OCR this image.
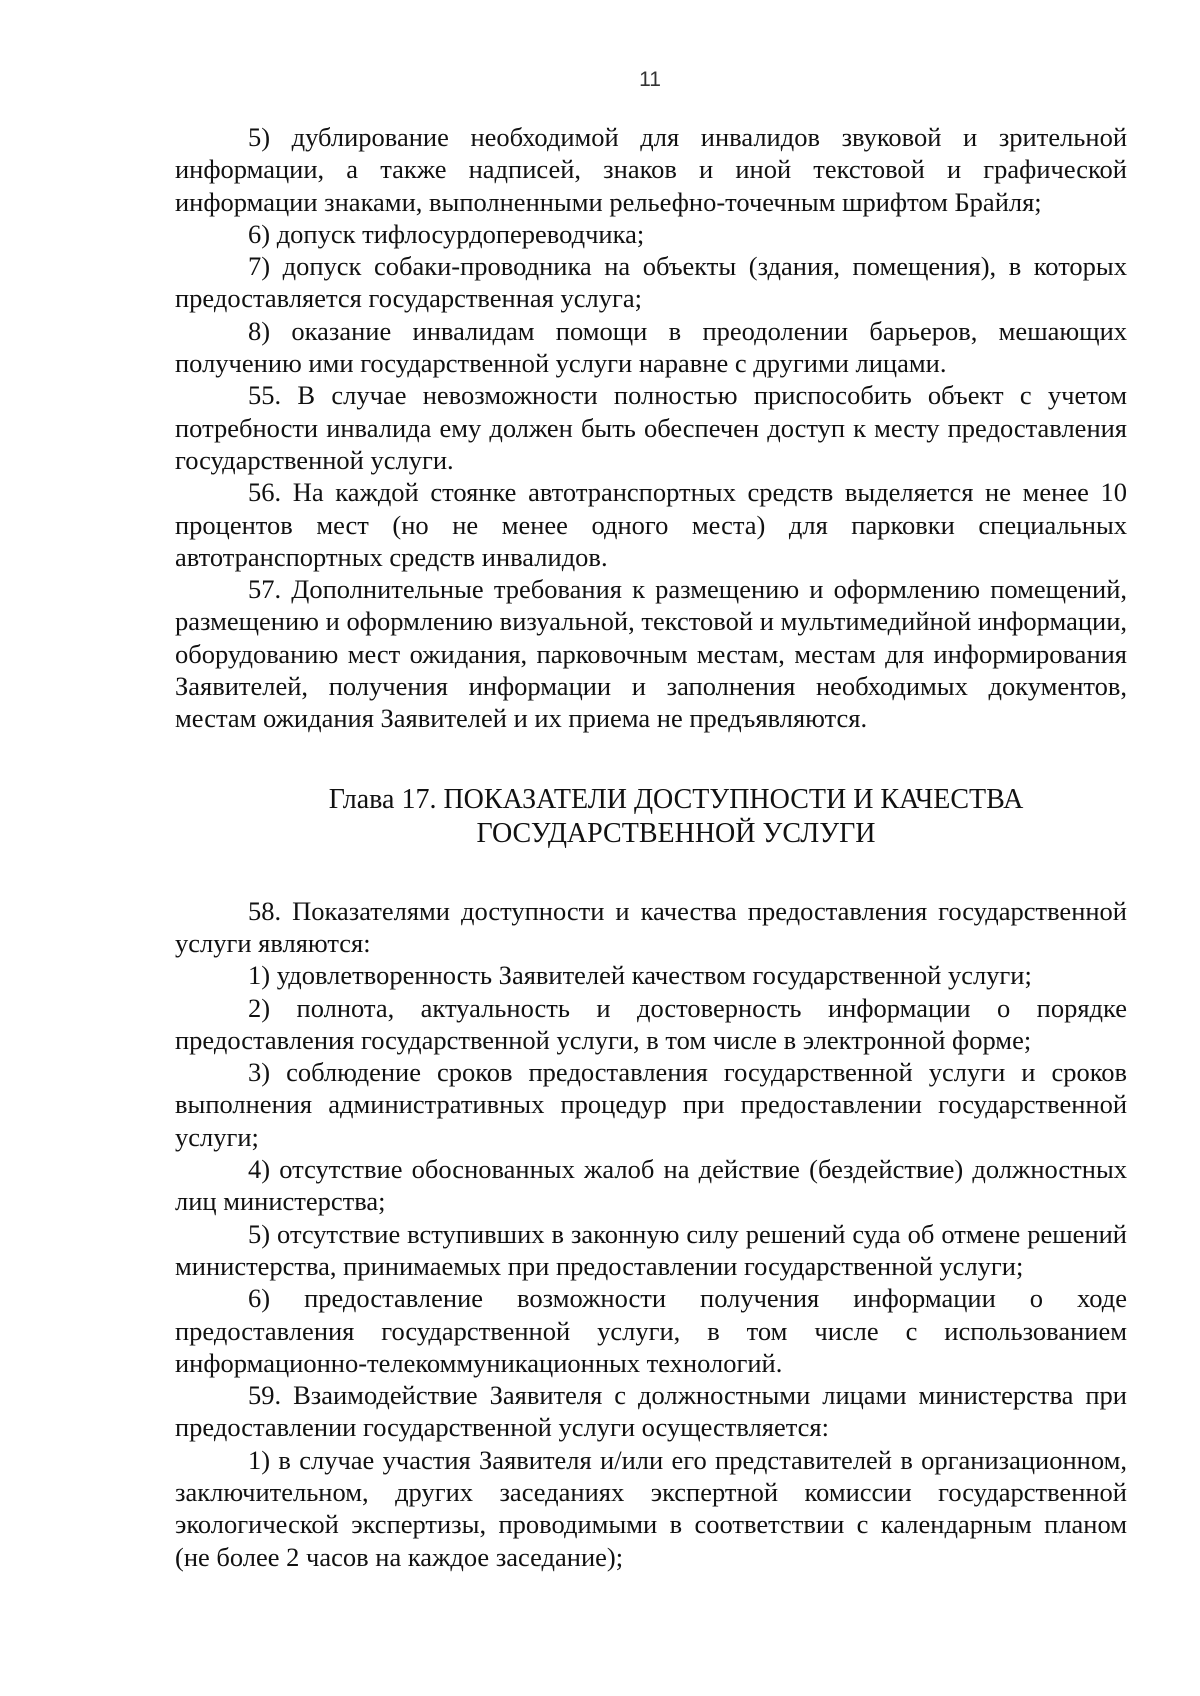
11

5) дублирование необходимой для инвалидов звуковой и зрительной информации, а также надписей, знаков и иной текстовой и графической информации знаками, выполненными рельефно-точечным шрифтом Брайля;

6) допуск тифлосурдопереводчика;

7) допуск собаки-проводника на объекты (здания, помещения), в которых предоставляется государственная услуга;

8) оказание инвалидам помощи в преодолении барьеров, мешающих получению ими государственной услуги наравне с другими лицами.

55. В случае невозможности полностью приспособить объект с учетом потребности инвалида ему должен быть обеспечен доступ к месту предоставления государственной услуги.

56. На каждой стоянке автотранспортных средств выделяется не менее 10 процентов мест (но не менее одного места) для парковки специальных автотранспортных средств инвалидов.

57. Дополнительные требования к размещению и оформлению помещений, размещению и оформлению визуальной, текстовой и мультимедийной информации, оборудованию мест ожидания, парковочным местам, местам для информирования Заявителей, получения информации и заполнения необходимых документов, местам ожидания Заявителей и их приема не предъявляются.

Глава 17. ПОКАЗАТЕЛИ ДОСТУПНОСТИ И КАЧЕСТВА
ГОСУДАРСТВЕННОЙ УСЛУГИ

58. Показателями доступности и качества предоставления государственной услуги являются:

1) удовлетворенность Заявителей качеством государственной услуги;

2) полнота, актуальность и достоверность информации о порядке предоставления государственной услуги, в том числе в электронной форме;

3) соблюдение сроков предоставления государственной услуги и сроков выполнения административных процедур при предоставлении государственной услуги;

4) отсутствие обоснованных жалоб на действие (бездействие) должностных лиц министерства;

5) отсутствие вступивших в законную силу решений суда об отмене решений министерства, принимаемых при предоставлении государственной услуги;

6) предоставление возможности получения информации о ходе предоставления государственной услуги, в том числе с использованием информационно-телекоммуникационных технологий.

59. Взаимодействие Заявителя с должностными лицами министерства при предоставлении государственной услуги осуществляется:

1) в случае участия Заявителя и/или его представителей в организационном, заключительном, других заседаниях экспертной комиссии государственной экологической экспертизы, проводимыми в соответствии с календарным планом (не более 2 часов на каждое заседание);
